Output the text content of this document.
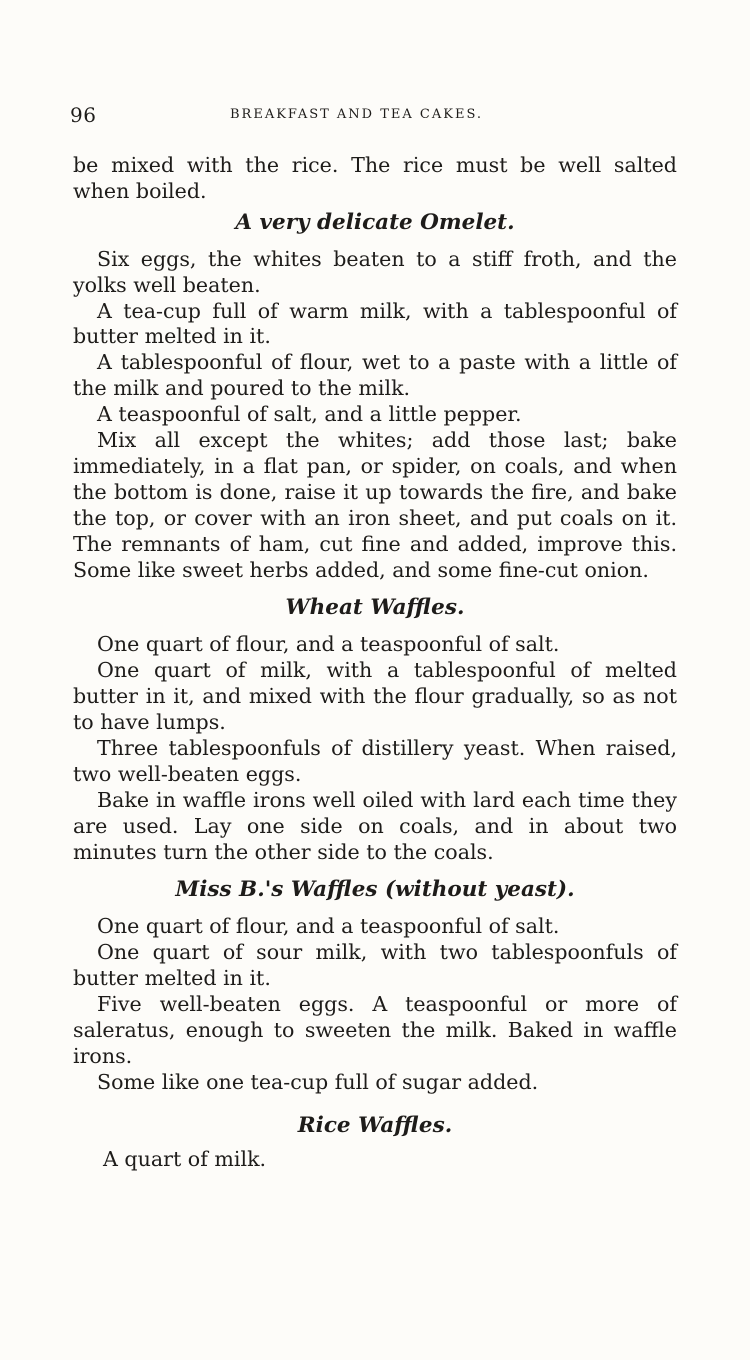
96	BREAKFAST AND TEA CAKES.

be mixed with the rice. The rice must be well salted when boiled.

A very delicate Omelet.

Six eggs, the whites beaten to a stiff froth, and the yolks well beaten.

A tea-cup full of warm milk, with a tablespoonful of butter melted in it.

A tablespoonful of flour, wet to a paste with a little of the milk and poured to the milk.

A teaspoonful of salt, and a little pepper.

Mix all except the whites; add those last; bake immediately, in a flat pan, or spider, on coals, and when the bottom is done, raise it up towards the fire, and bake the top, or cover with an iron sheet, and put coals on it. The remnants of ham, cut fine and added, improve this. Some like sweet herbs added, and some fine-cut onion.

Wheat Waffles.

One quart of flour, and a teaspoonful of salt.

One quart of milk, with a tablespoonful of melted butter in it, and mixed with the flour gradually, so as not to have lumps.

Three tablespoonfuls of distillery yeast. When raised, two well-beaten eggs.

Bake in waffle irons well oiled with lard each time they are used. Lay one side on coals, and in about two minutes turn the other side to the coals.

Miss B.'s Waffles (without yeast).

One quart of flour, and a teaspoonful of salt.

One quart of sour milk, with two tablespoonfuls of butter melted in it.

Five well-beaten eggs. A teaspoonful or more of saleratus, enough to sweeten the milk. Baked in waffle irons.

Some like one tea-cup full of sugar added.

Rice Waffles.

A quart of milk.
